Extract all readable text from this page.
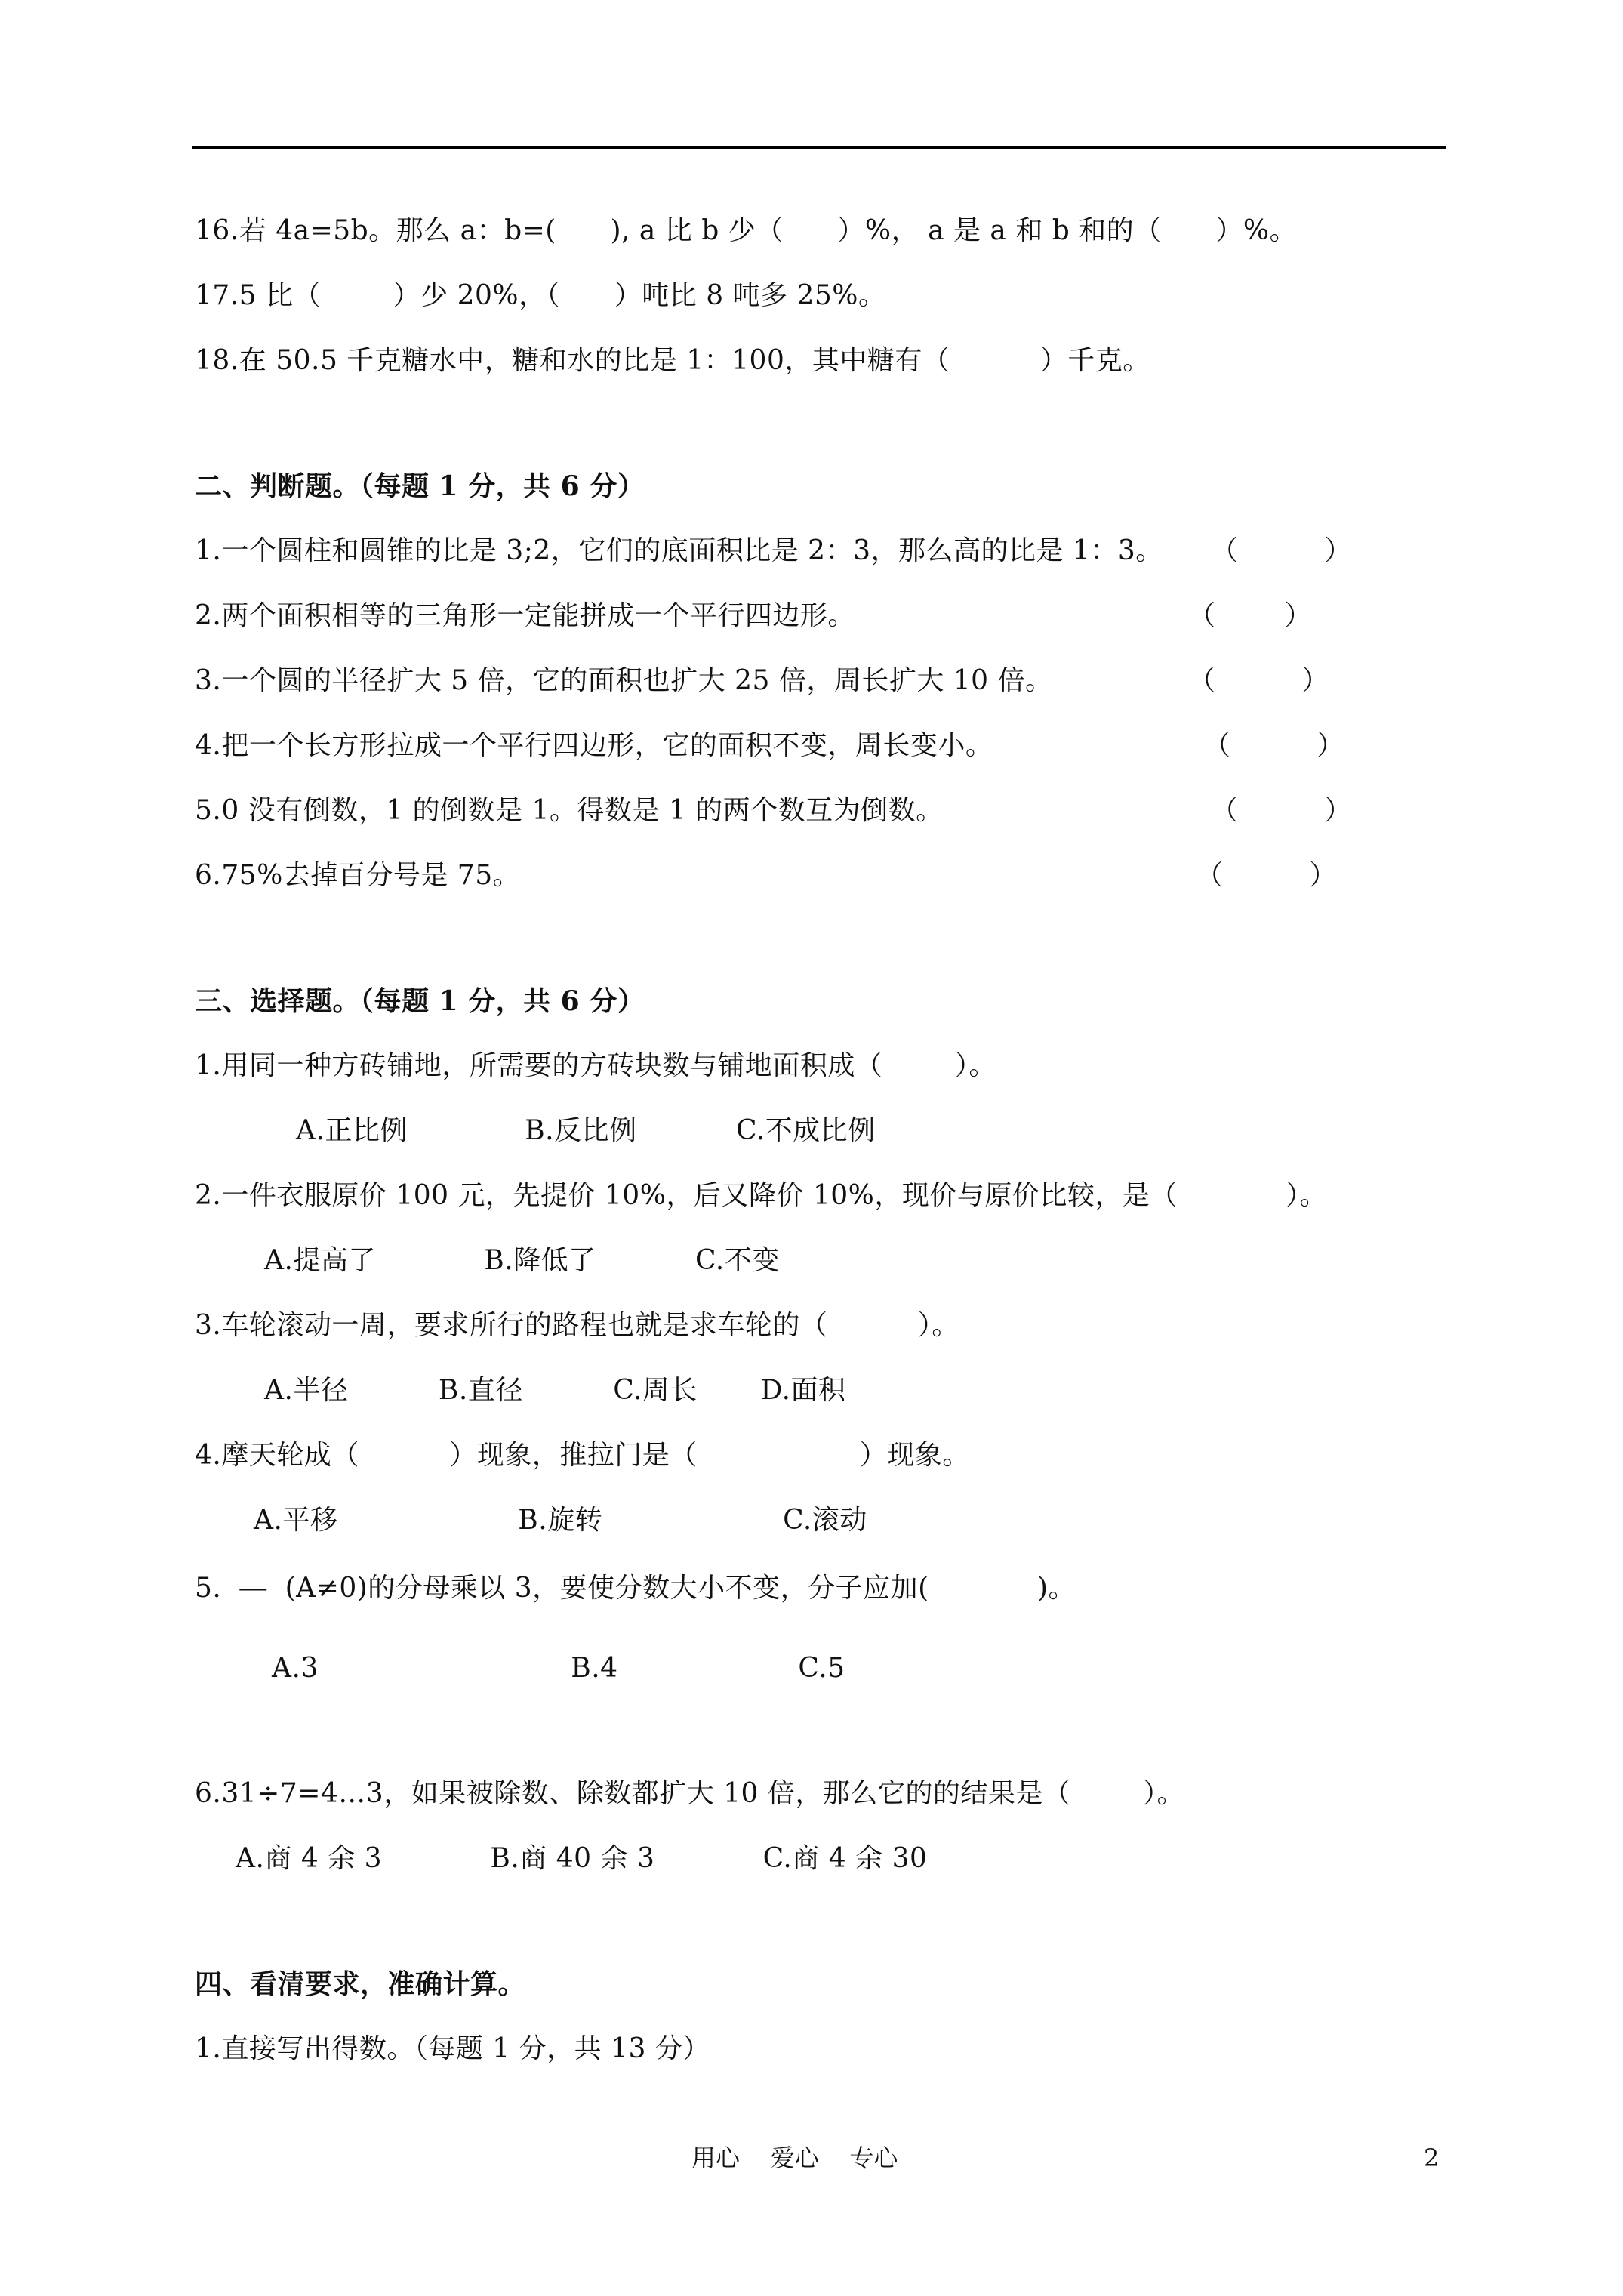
16.若 4a=5b。那么 a：b=(      ), a 比 b 少（      ）%， a 是 a 和 b 和的（      ）%。
17.5 比（        ）少 20%，（      ）吨比 8 吨多 25%。
18.在 50.5 千克糖水中，糖和水的比是 1：100，其中糖有（          ）千克。
二、判断题。（每题 1 分，共 6 分）
1.一个圆柱和圆锥的比是 3;2，它们的底面积比是 2：3，那么高的比是 1：3。 （          ）
2.两个面积相等的三角形一定能拼成一个平行四边形。	（        ）
3.一个圆的半径扩大 5 倍，它的面积也扩大 25 倍，周长扩大 10 倍。	（          ）
4.把一个长方形拉成一个平行四边形，它的面积不变，周长变小。	（          ）
5.0 没有倒数，1 的倒数是 1。得数是 1 的两个数互为倒数。	（          ）
6.75%去掉百分号是 75。	（          ）
三、选择题。（每题 1 分，共 6 分）
1.用同一种方砖铺地，所需要的方砖块数与铺地面积成（        ）。
A.正比例             B.反比例           C.不成比例
2.一件衣服原价 100 元，先提价 10%，后又降价 10%，现价与原价比较，是（            ）。
A.提高了            B.降低了           C.不变
3.车轮滚动一周，要求所行的路程也就是求车轮的（          ）。
A.半径          B.直径          C.周长       D.面积
4.摩天轮成（          ）现象，推拉门是（                  ）现象。
A.平移                    B.旋转                    C.滚动
5.  ―  (A≠0)的分母乘以 3，要使分数大小不变，分子应加(            )。
A.3                            B.4                    C.5
6.31÷7=4…3，如果被除数、除数都扩大 10 倍，那么它的的结果是（        ）。
A.商 4 余 3            B.商 40 余 3            C.商 4 余 30
四、看清要求，准确计算。
1.直接写出得数。（每题 1 分，共 13 分）
用心    爱心    专心	2
